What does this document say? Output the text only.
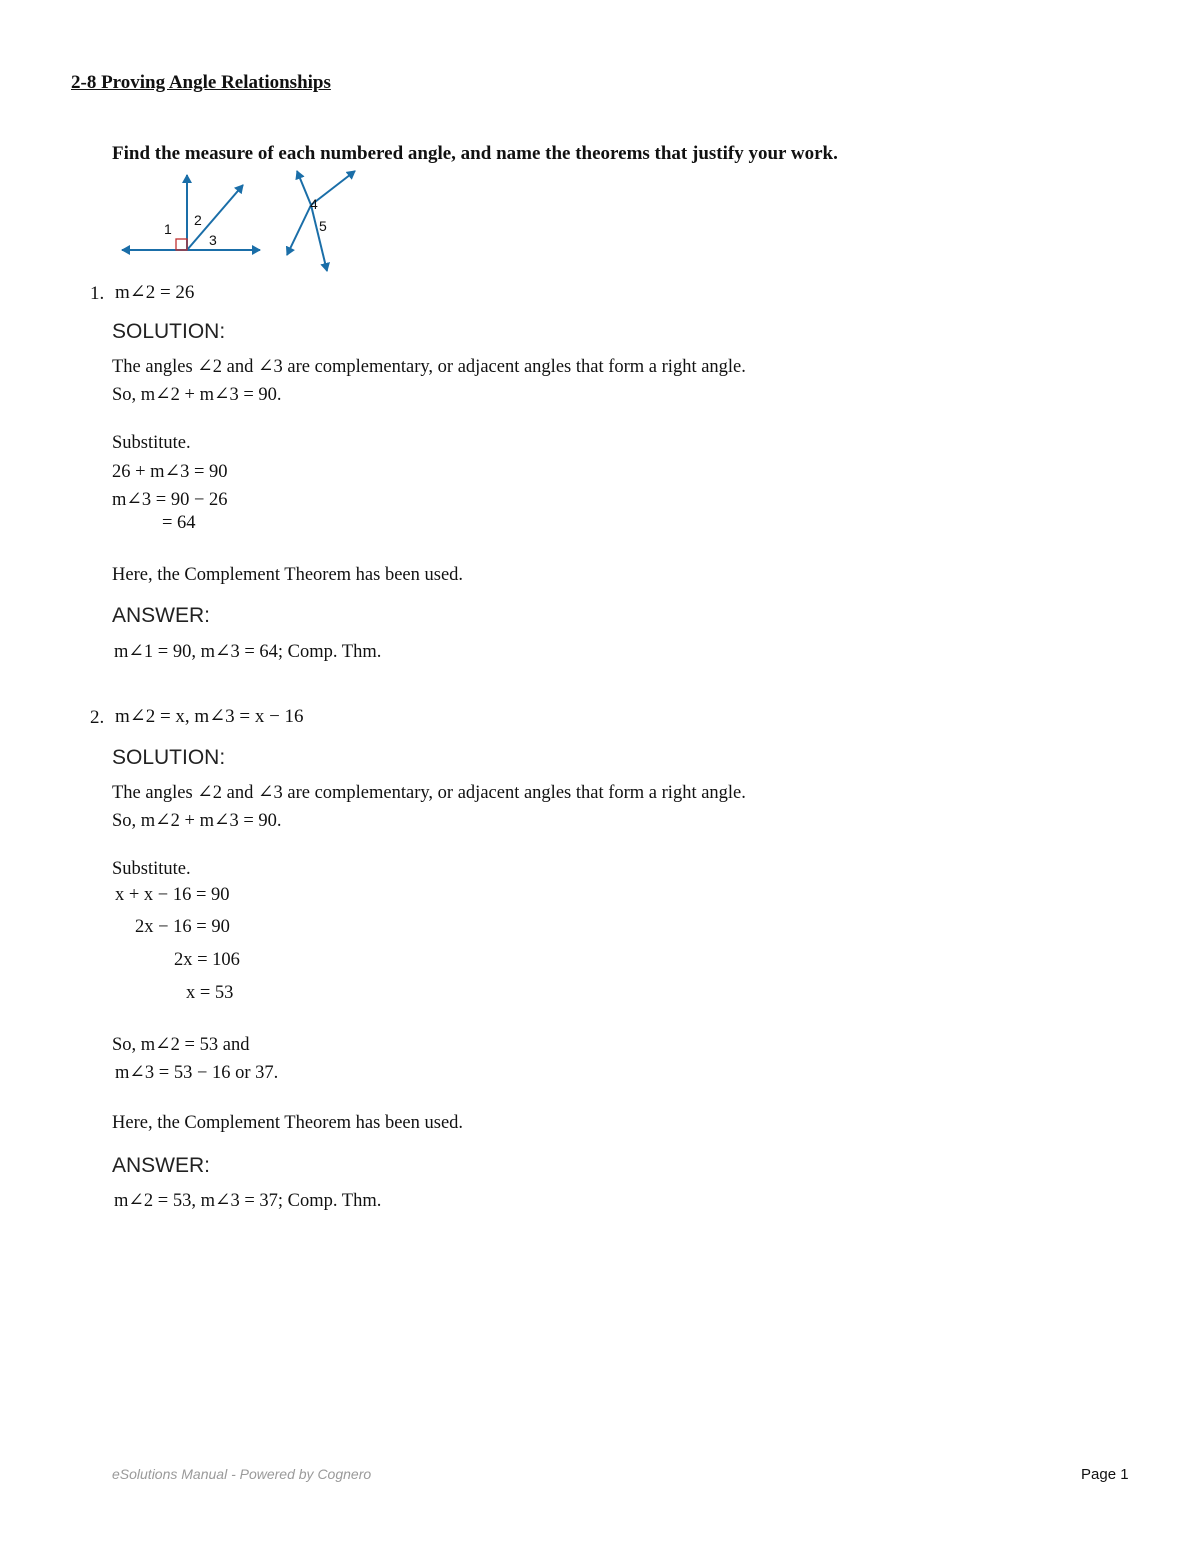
2-8 Proving Angle Relationships
Find the measure of each numbered angle, and name the theorems that justify your work.
1
2
3
4
5
1. m∠2 = 26
SOLUTION:
The angles ∠2 and ∠3 are complementary, or adjacent angles that form a right angle.
So, m∠2 + m∠3 = 90.
Substitute.
26 + m∠3 = 90
m∠3 = 90 − 26
= 64
Here, the Complement Theorem has been used.
ANSWER:
m∠1 = 90, m∠3 = 64; Comp. Thm.
2. m∠2 = x, m∠3 = x − 16
SOLUTION:
The angles ∠2 and ∠3 are complementary, or adjacent angles that form a right angle.
So, m∠2 + m∠3 = 90.
Substitute.
x + x − 16 = 90
2x − 16 = 90
2x = 106
x = 53
So, m∠2 = 53 and
m∠3 = 53 − 16 or 37.
Here, the Complement Theorem has been used.
ANSWER:
m∠2 = 53, m∠3 = 37; Comp. Thm.
eSolutions Manual - Powered by Cognero	Page 1
